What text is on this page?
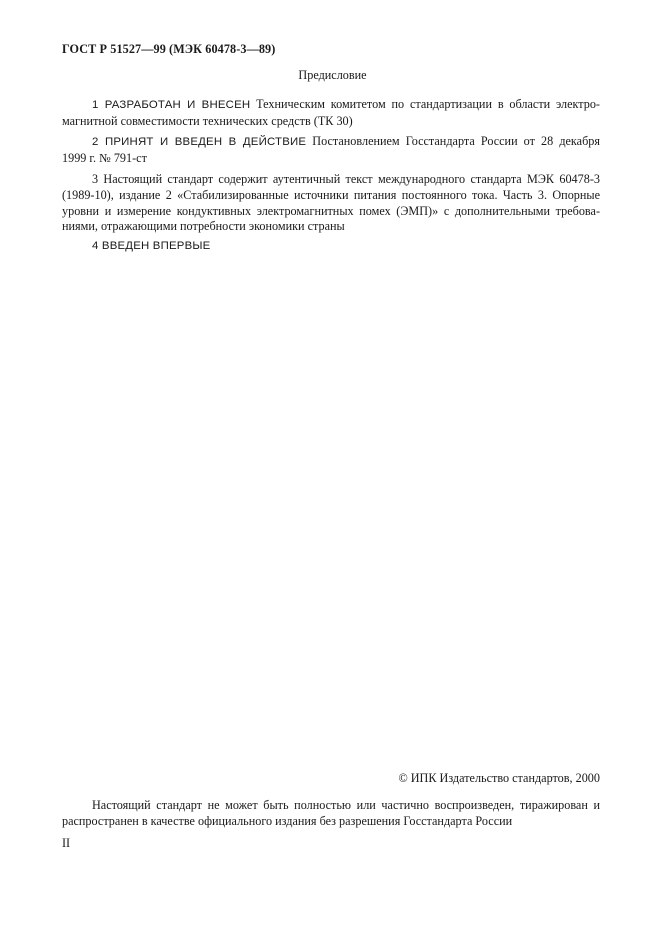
ГОСТ Р 51527—99 (МЭК 60478-3—89)
Предисловие
1 РАЗРАБОТАН И ВНЕСЕН Техническим комитетом по стандартизации в области электро-
магнитной совместимости технических средств (ТК 30)
2 ПРИНЯТ И ВВЕДЕН В ДЕЙСТВИЕ Постановлением Госстандарта России от 28 декабря
1999 г. № 791-ст
3 Настоящий стандарт содержит аутентичный текст международного стандарта МЭК 60478-3
(1989-10), издание 2 «Стабилизированные источники питания постоянного тока. Часть 3. Опорные
уровни и измерение кондуктивных электромагнитных помех (ЭМП)» с дополнительными требова-
ниями, отражающими потребности экономики страны
4 ВВЕДЕН ВПЕРВЫЕ
© ИПК Издательство стандартов, 2000
Настоящий стандарт не может быть полностью или частично воспроизведен, тиражирован и
распространен в качестве официального издания без разрешения Госстандарта России
II
